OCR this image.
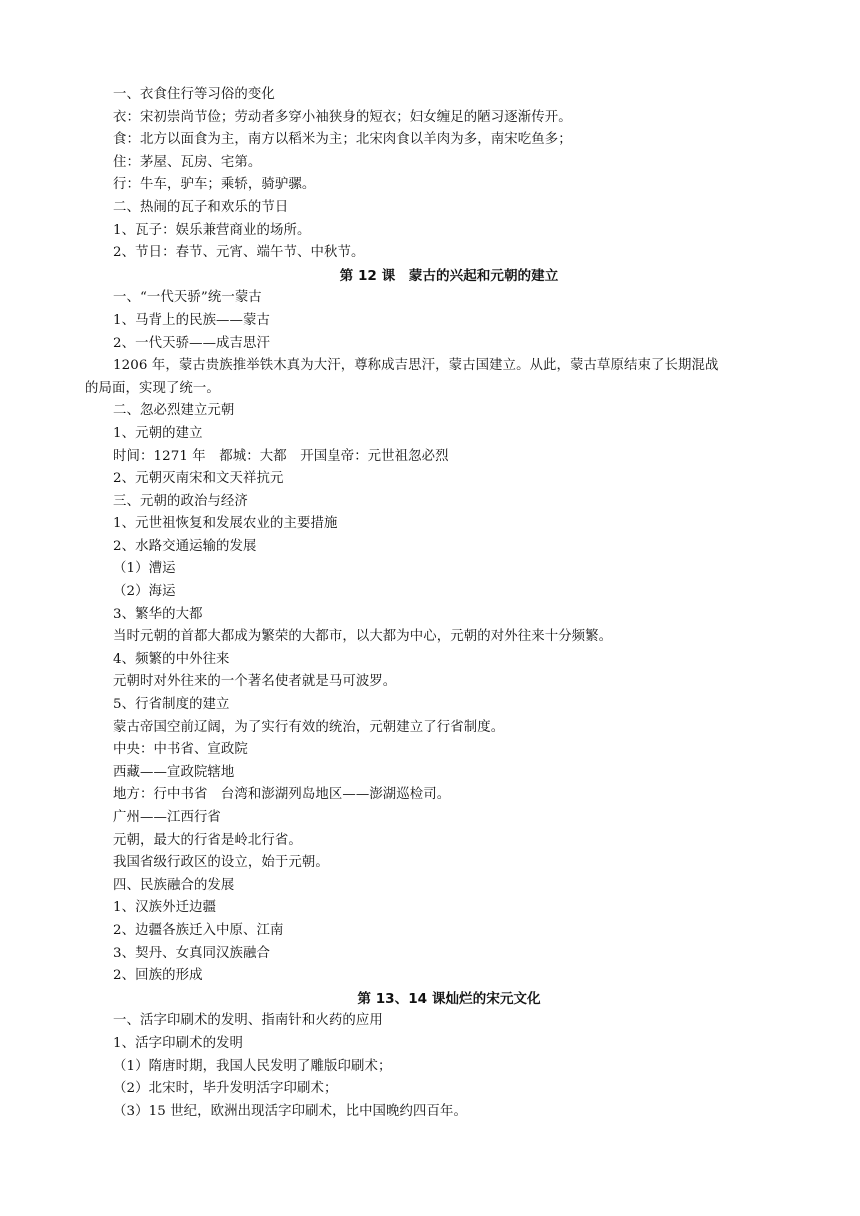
一、衣食住行等习俗的变化
衣：宋初崇尚节俭；劳动者多穿小袖狭身的短衣；妇女缠足的陋习逐渐传开。
食：北方以面食为主，南方以稻米为主；北宋肉食以羊肉为多，南宋吃鱼多；
住：茅屋、瓦房、宅第。
行：牛车，驴车；乘轿，骑驴骡。
二、热闹的瓦子和欢乐的节日
1、瓦子：娱乐兼营商业的场所。
2、节日：春节、元宵、端午节、中秋节。
第 12 课　蒙古的兴起和元朝的建立
一、“一代天骄”统一蒙古
1、马背上的民族——蒙古
2、一代天骄——成吉思汗
1206 年，蒙古贵族推举铁木真为大汗，尊称成吉思汗，蒙古国建立。从此，蒙古草原结束了长期混战
的局面，实现了统一。
二、忽必烈建立元朝
1、元朝的建立
时间：1271 年　都城：大都　开国皇帝：元世祖忽必烈
2、元朝灭南宋和文天祥抗元
三、元朝的政治与经济
1、元世祖恢复和发展农业的主要措施
2、水路交通运输的发展
（1）漕运
（2）海运
3、繁华的大都
当时元朝的首都大都成为繁荣的大都市，以大都为中心，元朝的对外往来十分频繁。
4、频繁的中外往来
元朝时对外往来的一个著名使者就是马可波罗。
5、行省制度的建立
蒙古帝国空前辽阔，为了实行有效的统治，元朝建立了行省制度。
中央：中书省、宣政院
西藏——宣政院辖地
地方：行中书省　台湾和澎湖列岛地区——澎湖巡检司。
广州——江西行省
元朝，最大的行省是岭北行省。
我国省级行政区的设立，始于元朝。
四、民族融合的发展
1、汉族外迁边疆
2、边疆各族迁入中原、江南
3、契丹、女真同汉族融合
2、回族的形成
第 13、14 课灿烂的宋元文化
一、活字印刷术的发明、指南针和火药的应用
1、活字印刷术的发明
（1）隋唐时期，我国人民发明了雕版印刷术；
（2）北宋时，毕升发明活字印刷术；
（3）15 世纪，欧洲出现活字印刷术，比中国晚约四百年。
